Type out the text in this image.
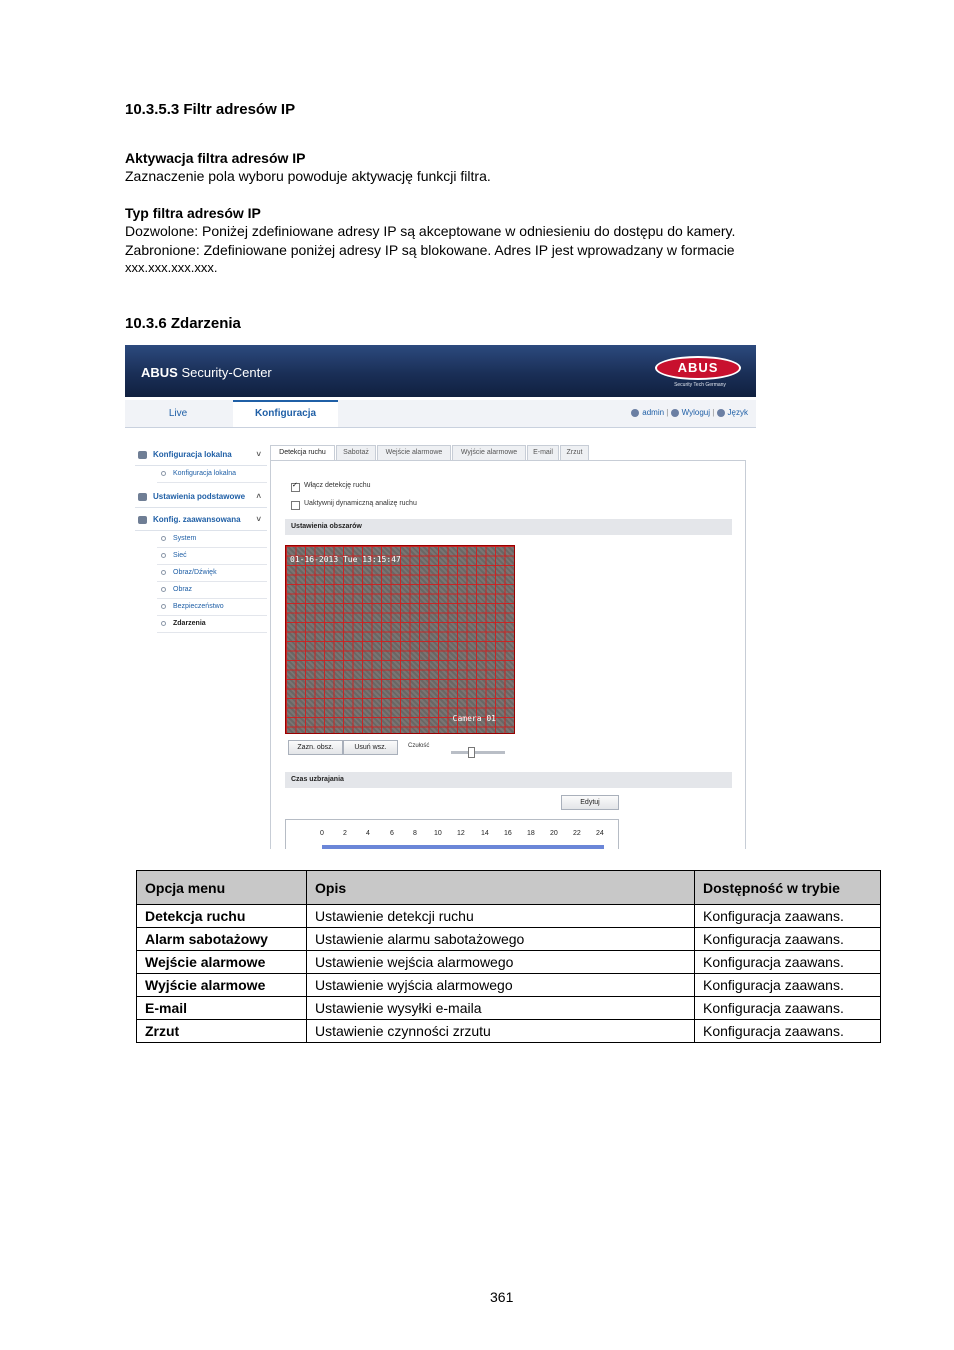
10.3.5.3 Filtr adresów IP
Aktywacja filtra adresów IP
Zaznaczenie pola wyboru powoduje aktywację funkcji filtra.
Typ filtra adresów IP
Dozwolone: Poniżej zdefiniowane adresy IP są akceptowane w odniesieniu do dostępu do kamery.
Zabronione: Zdefiniowane poniżej adresy IP są blokowane. Adres IP jest wprowadzany w formacie
xxx.xxx.xxx.xxx.
10.3.6 Zdarzenia
ABUS Security-Center	ABUS
Security Tech Germany
Live	Konfiguracja	admin | Wyloguj | Język
Konfiguracja lokalna	˅
Konfiguracja lokalna
Ustawienia podstawowe ˄
Konfig. zaawansowana ˅
System
Sieć
Obraz/Dźwięk
Obraz
Bezpieczeństwo
Zdarzenia
Detekcja ruchu	Sabotaż	Wejście alarmowe	Wyjście alarmowe	E-mail	Zrzut
✓
Włącz detekcję ruchu
Uaktywnij dynamiczną analizę ruchu
Ustawienia obszarów
01-16-2013 Tue 13:15:47
Camera 01
Zazn. obsz.	Usuń wsz.	Czułość
Czas uzbrajania
Edytuj
0	2	4	6	8 10 12 14 16 18 20 22 24
Opcja menu	Opis	Dostępność w trybie
Detekcja ruchu	Ustawienie detekcji ruchu	Konfiguracja zaawans.
Alarm sabotażowy	Ustawienie alarmu sabotażowego	Konfiguracja zaawans.
Wejście alarmowe	Ustawienie wejścia alarmowego	Konfiguracja zaawans.
Wyjście alarmowe	Ustawienie wyjścia alarmowego	Konfiguracja zaawans.
E-mail	Ustawienie wysyłki e-maila	Konfiguracja zaawans.
Zrzut	Ustawienie czynności zrzutu	Konfiguracja zaawans.
361
